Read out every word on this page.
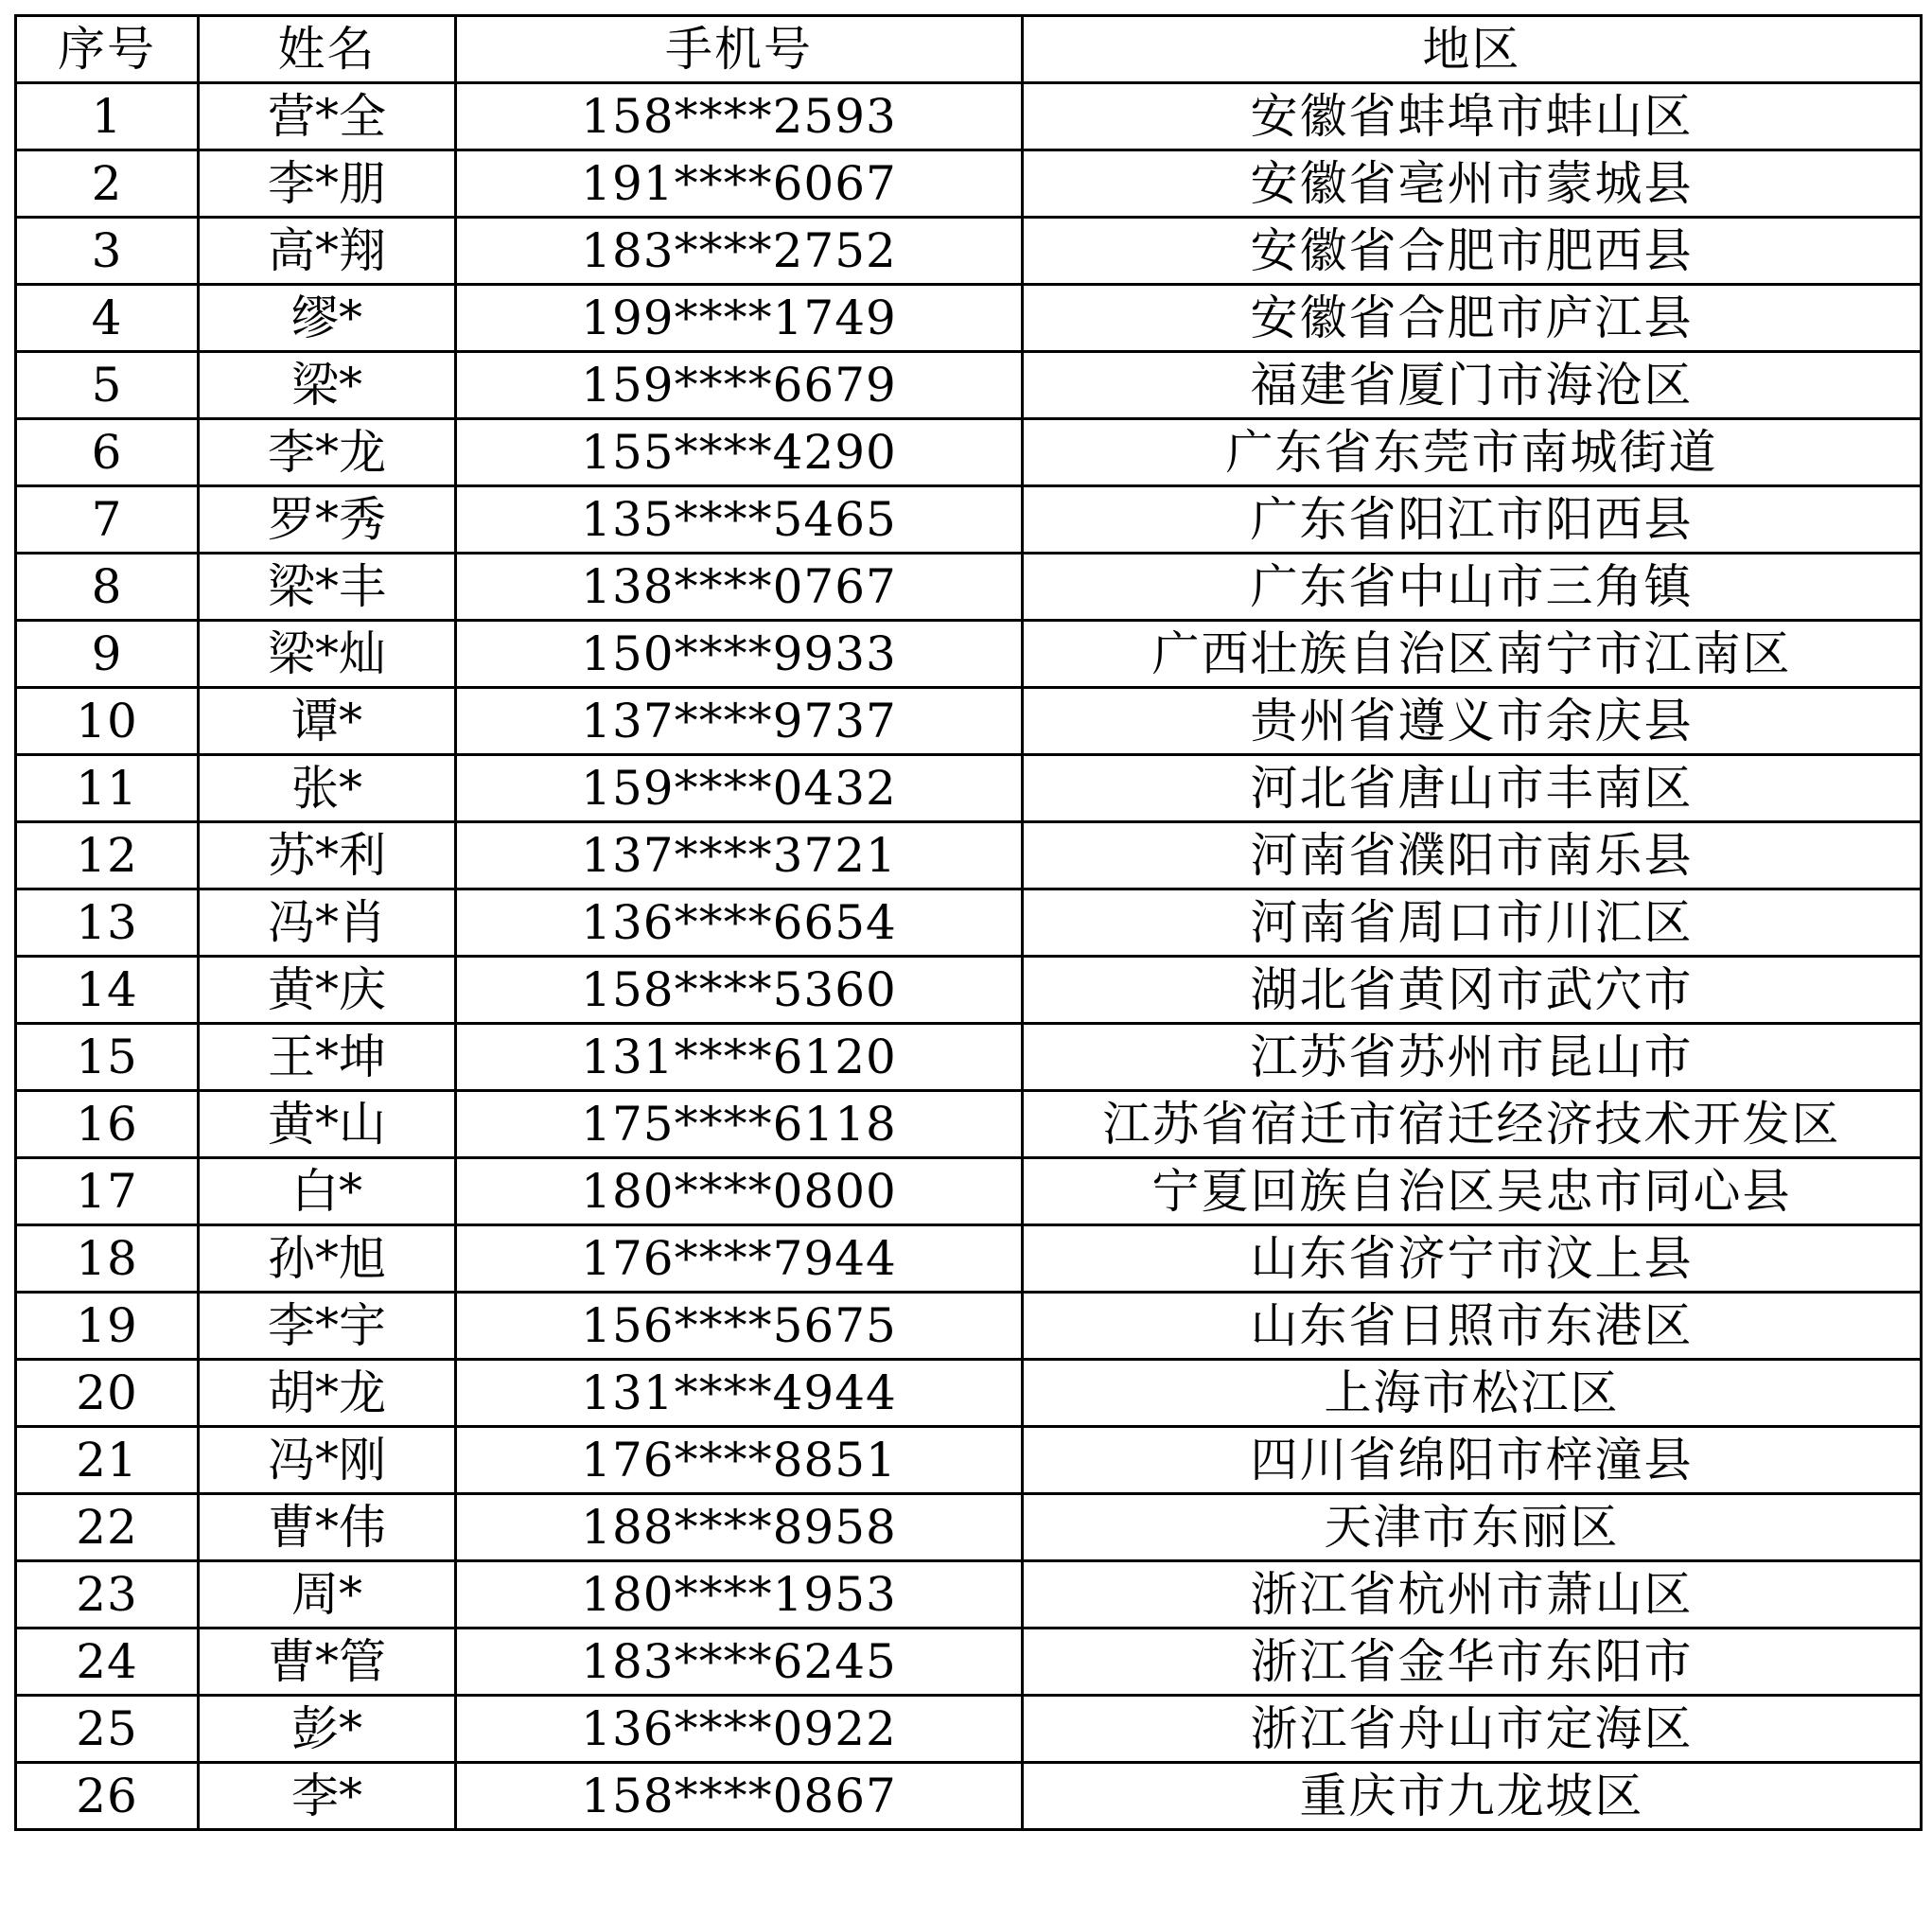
序号	姓名	手机号	地区
1	营*全	158****2593	安徽省蚌埠市蚌山区
2	李*朋	191****6067	安徽省亳州市蒙城县
3	高*翔	183****2752	安徽省合肥市肥西县
4	缪*	199****1749	安徽省合肥市庐江县
5	梁*	159****6679	福建省厦门市海沧区
6	李*龙	155****4290	广东省东莞市南城街道
7	罗*秀	135****5465	广东省阳江市阳西县
8	梁*丰	138****0767	广东省中山市三角镇
9	梁*灿	150****9933	广西壮族自治区南宁市江南区
10	谭*	137****9737	贵州省遵义市余庆县
11	张*	159****0432	河北省唐山市丰南区
12	苏*利	137****3721	河南省濮阳市南乐县
13	冯*肖	136****6654	河南省周口市川汇区
14	黄*庆	158****5360	湖北省黄冈市武穴市
15	王*坤	131****6120	江苏省苏州市昆山市
16	黄*山	175****6118	江苏省宿迁市宿迁经济技术开发区
17	白*	180****0800	宁夏回族自治区吴忠市同心县
18	孙*旭	176****7944	山东省济宁市汶上县
19	李*宇	156****5675	山东省日照市东港区
20	胡*龙	131****4944	上海市松江区
21	冯*刚	176****8851	四川省绵阳市梓潼县
22	曹*伟	188****8958	天津市东丽区
23	周*	180****1953	浙江省杭州市萧山区
24	曹*管	183****6245	浙江省金华市东阳市
25	彭*	136****0922	浙江省舟山市定海区
26	李*	158****0867	重庆市九龙坡区
